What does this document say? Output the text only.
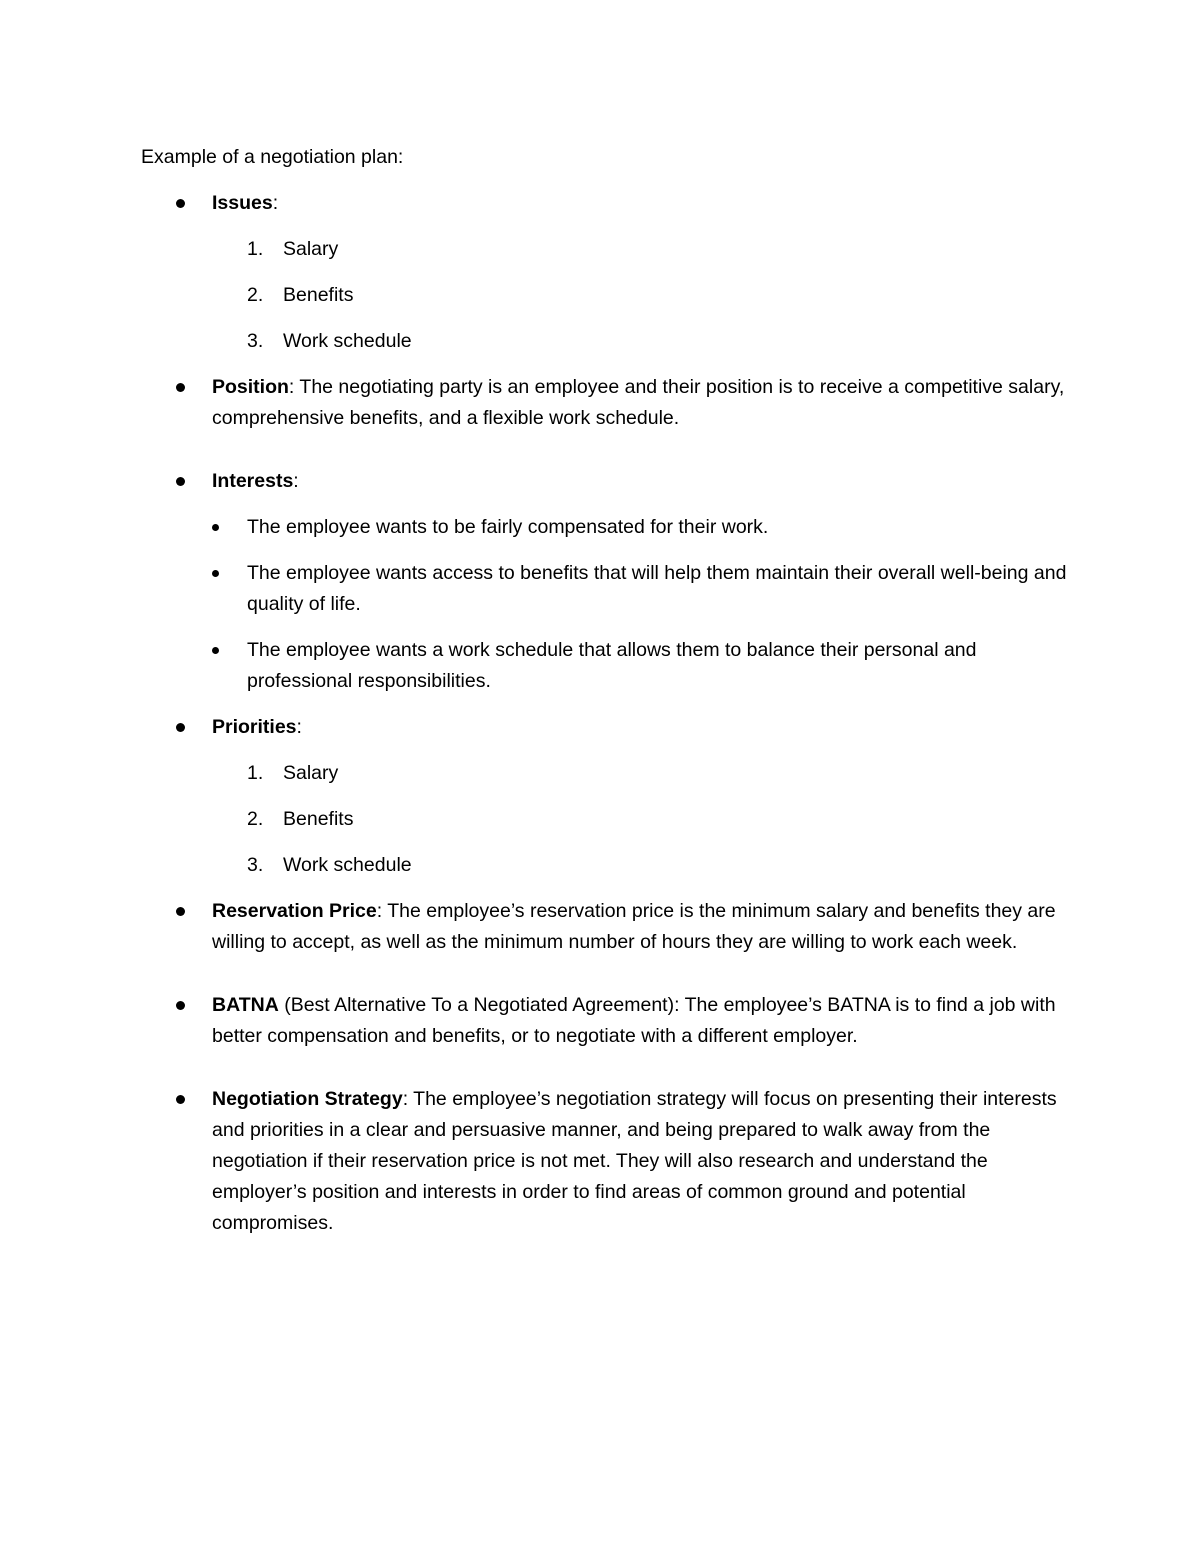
Example of a negotiation plan:

Issues:
1. Salary
2. Benefits
3. Work schedule
Position: The negotiating party is an employee and their position is to receive a competitive salary, comprehensive benefits, and a flexible work schedule.
Interests:
The employee wants to be fairly compensated for their work.
The employee wants access to benefits that will help them maintain their overall well-being and quality of life.
The employee wants a work schedule that allows them to balance their personal and professional responsibilities.
Priorities:
1. Salary
2. Benefits
3. Work schedule
Reservation Price: The employee’s reservation price is the minimum salary and benefits they are willing to accept, as well as the minimum number of hours they are willing to work each week.
BATNA (Best Alternative To a Negotiated Agreement): The employee’s BATNA is to find a job with better compensation and benefits, or to negotiate with a different employer.
Negotiation Strategy: The employee’s negotiation strategy will focus on presenting their interests and priorities in a clear and persuasive manner, and being prepared to walk away from the negotiation if their reservation price is not met. They will also research and understand the employer’s position and interests in order to find areas of common ground and potential compromises.
